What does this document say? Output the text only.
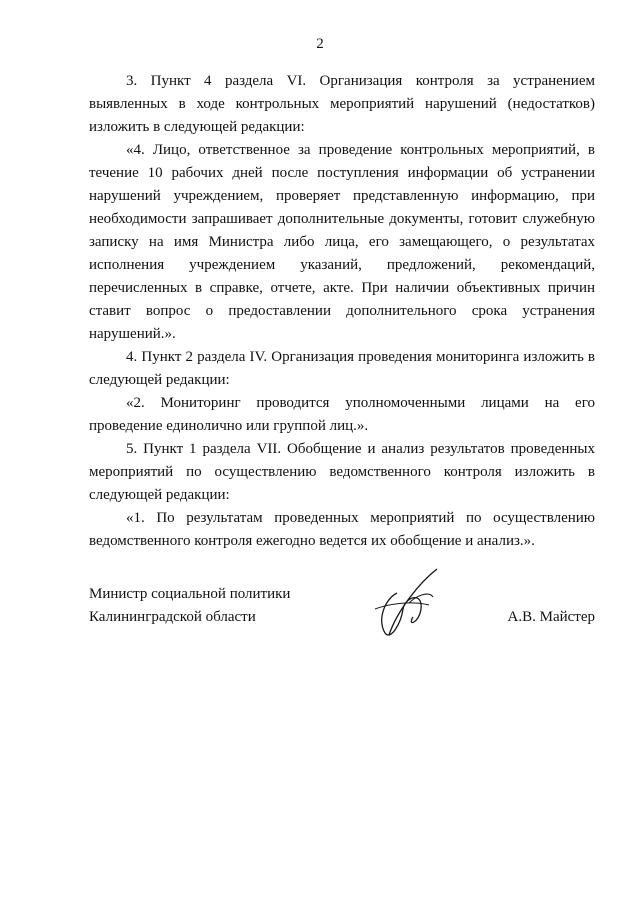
2

3. Пункт 4 раздела VI. Организация контроля за устранением выявленных в ходе контрольных мероприятий нарушений (недостатков) изложить в следующей редакции:

«4. Лицо, ответственное за проведение контрольных мероприятий, в течение 10 рабочих дней после поступления информации об устранении нарушений учреждением, проверяет представленную информацию, при необходимости запрашивает дополнительные документы, готовит служебную записку на имя Министра либо лица, его замещающего, о результатах исполнения учреждением указаний, предложений, рекомендаций, перечисленных в справке, отчете, акте. При наличии объективных причин ставит вопрос о предоставлении дополнительного срока устранения нарушений.».

4. Пункт 2 раздела IV. Организация проведения мониторинга изложить в следующей редакции:

«2. Мониторинг проводится уполномоченными лицами на его проведение единолично или группой лиц.».

5. Пункт 1 раздела VII. Обобщение и анализ результатов проведенных мероприятий по осуществлению ведомственного контроля изложить в следующей редакции:

«1. По результатам проведенных мероприятий по осуществлению ведомственного контроля ежегодно ведется их обобщение и анализ.».

Министр социальной политики
Калининградской области	А.В. Майстер
